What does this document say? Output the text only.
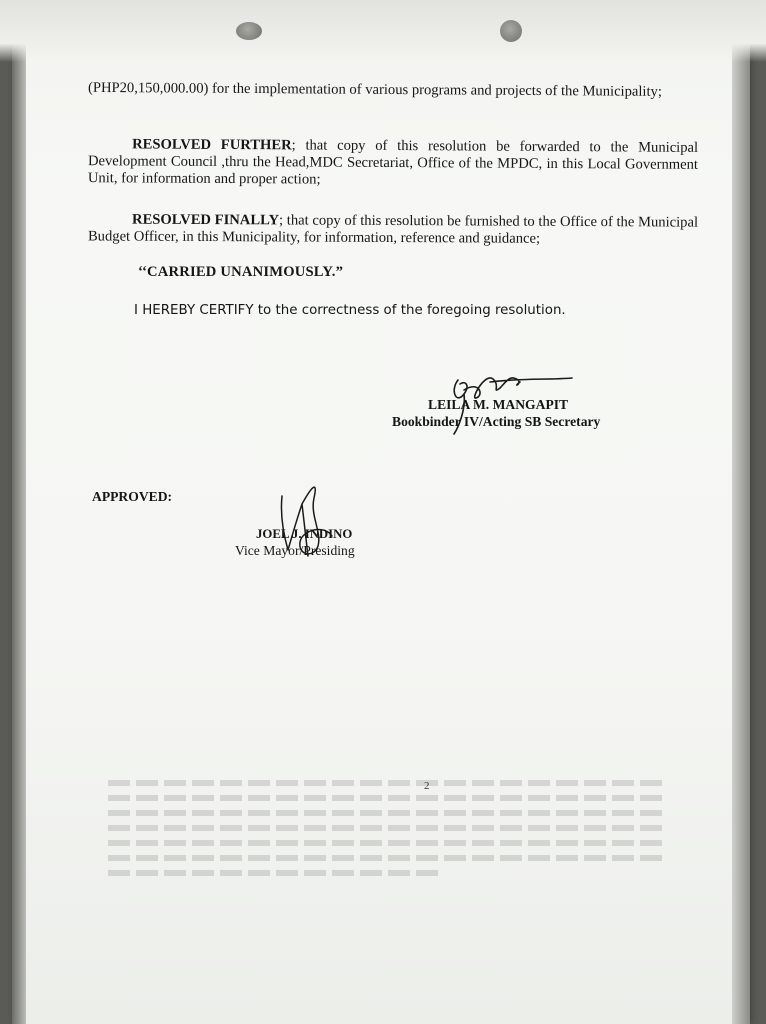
(PHP20,150,000.00) for the implementation of various programs and projects of the Municipality;
RESOLVED FURTHER; that copy of this resolution be forwarded to the Municipal Development Council ,thru the Head,MDC Secretariat, Office of the MPDC, in this Local Government Unit, for information and proper action;
RESOLVED FINALLY; that copy of this resolution be furnished to the Office of the Municipal Budget Officer, in this Municipality, for information, reference and guidance;
‘‘CARRIED UNANIMOUSLY.”
I HEREBY CERTIFY to the correctness of the foregoing resolution.
LEILA M. MANGAPIT
Bookbinder IV/Acting SB Secretary
APPROVED:
JOEL J. INDINO
Vice Mayor/Presiding
2
